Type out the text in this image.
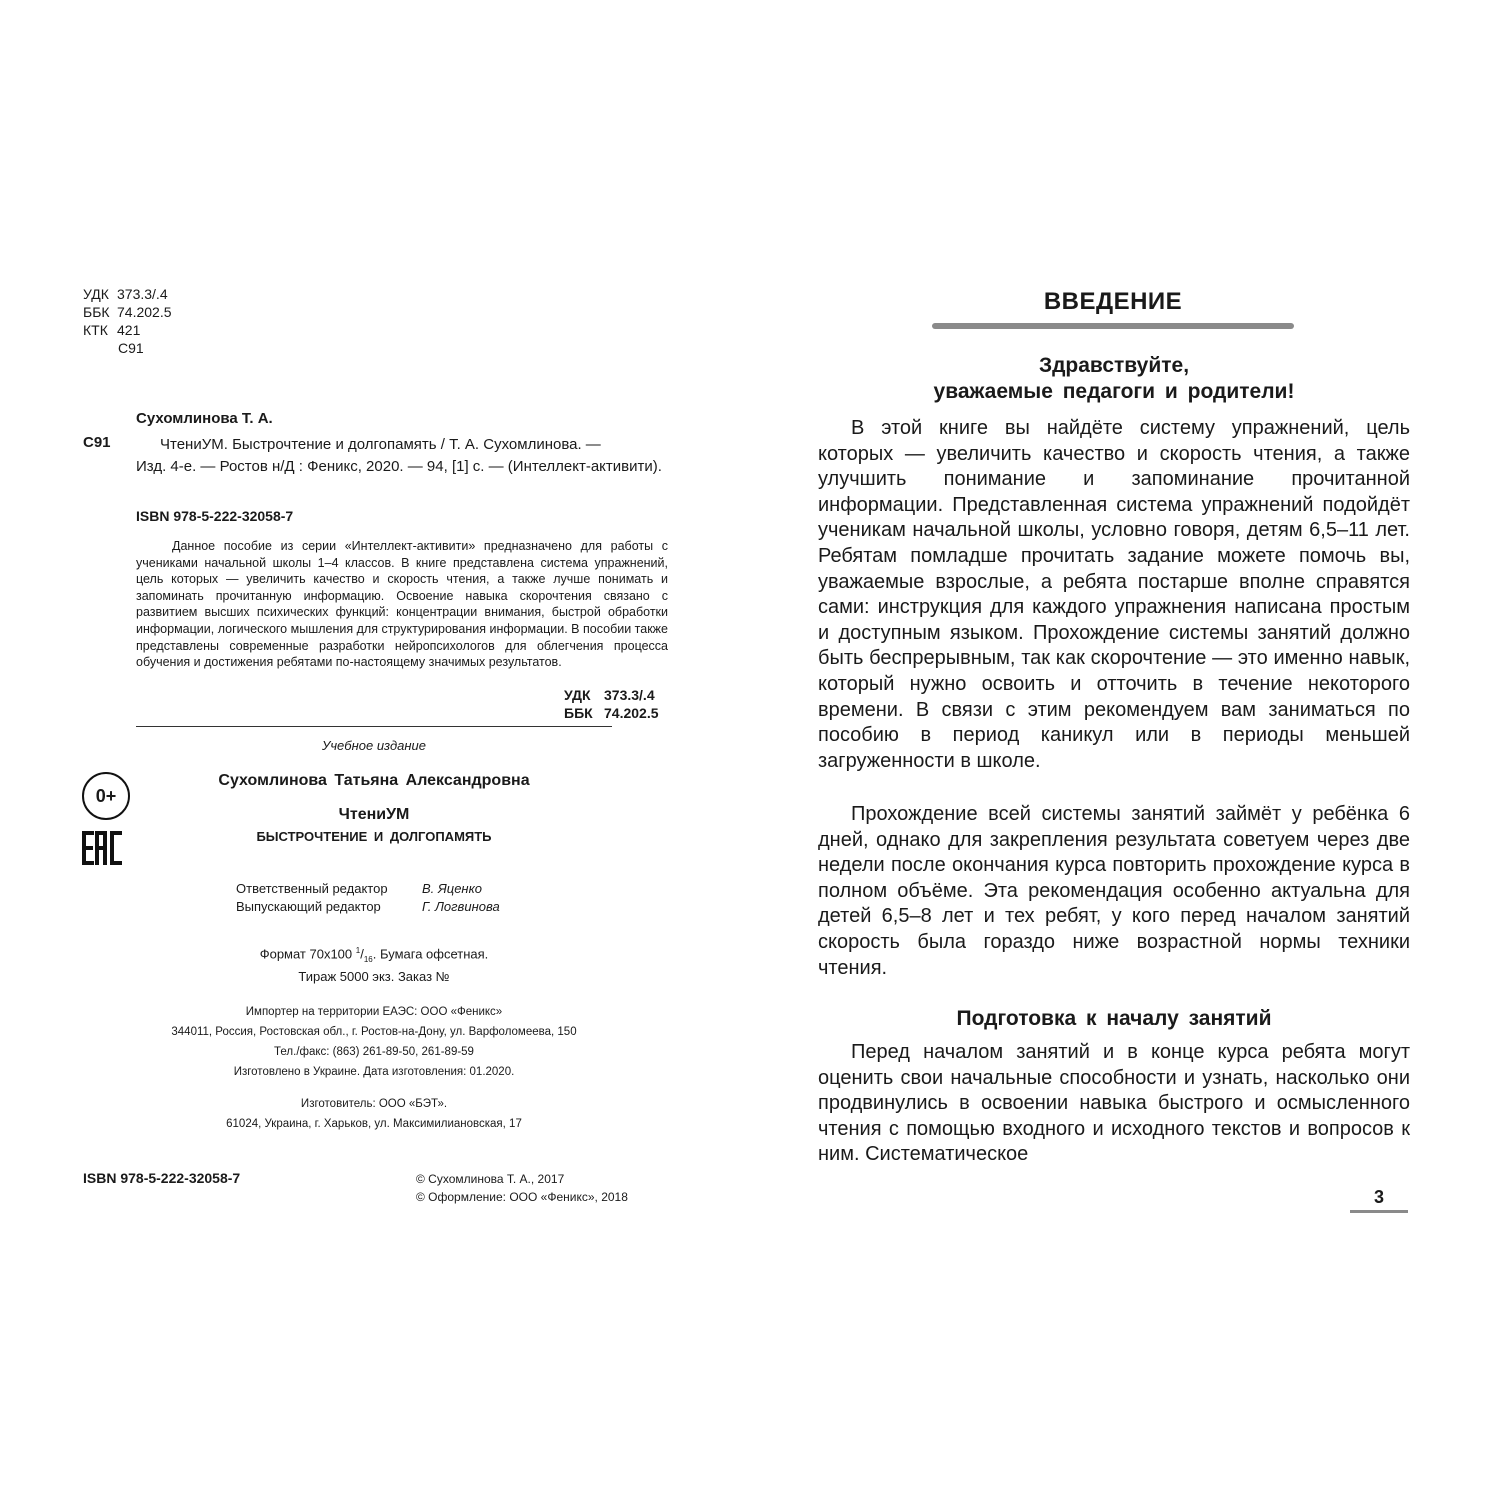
УДК 373.3/.4
ББК 74.202.5
КТК 421
С91
Сухомлинова Т. А.
С91	ЧтениУМ. Быстрочтение и долгопамять / Т. А. Сухомлинова. —
Изд. 4-е. — Ростов н/Д : Феникс, 2020. — 94, [1] с. — (Интеллект-активити).
ISBN 978-5-222-32058-7
Данное пособие из серии «Интеллект-активити» предназначено для работы с учениками начальной школы 1–4 классов. В книге представлена система упражнений, цель которых — увеличить качество и скорость чтения, а также лучше понимать и запоминать прочитанную информацию. Освоение навыка скорочтения связано с развитием высших психических функций: концентрации внимания, быстрой обработки информации, логического мышления для структурирования информации. В пособии также представлены современные разработки нейропсихологов для облегчения процесса обучения и достижения ребятами по-настоящему значимых результатов.
УДК 373.3/.4
ББК 74.202.5
Учебное издание
0+
Сухомлинова Татьяна Александровна
ЧтениУМ
БЫСТРОЧТЕНИЕ И ДОЛГОПАМЯТЬ
Ответственный редактор	В. Яценко
Выпускающий редактор	Г. Логвинова
Формат 70х100 $^1/_{16}$. Бумага офсетная.
Тираж 5000 экз. Заказ №
Импортер на территории ЕАЭС: ООО «Феникс»
344011, Россия, Ростовская обл., г. Ростов-на-Дону, ул. Варфоломеева, 150
Тел./факс: (863) 261-89-50, 261-89-59
Изготовлено в Украине. Дата изготовления: 01.2020.
Изготовитель: ООО «БЭТ».
61024, Украина, г. Харьков, ул. Максимилиановская, 17
ISBN 978-5-222-32058-7	© Сухомлинова Т. А., 2017
© Оформление: ООО «Феникс», 2018
ВВЕДЕНИЕ
Здравствуйте,
уважаемые педагоги и родители!
В этой книге вы найдёте систему упражнений, цель которых — увеличить качество и скорость чтения, а также улучшить понимание и запоминание прочитанной информации. Представленная система упражнений подойдёт ученикам начальной школы, условно говоря, детям 6,5–11 лет. Ребятам помладше прочитать задание можете помочь вы, уважаемые взрослые, а ребята постарше вполне справятся сами: инструкция для каждого упражнения написана простым и доступным языком. Прохождение системы занятий должно быть беспрерывным, так как скорочтение — это именно навык, который нужно освоить и отточить в течение некоторого времени. В связи с этим рекомендуем вам заниматься по пособию в период каникул или в периоды меньшей загруженности в школе.
Прохождение всей системы занятий займёт у ребёнка 6 дней, однако для закрепления результата советуем через две недели после окончания курса повторить прохождение курса в полном объёме. Эта рекомендация особенно актуальна для детей 6,5–8 лет и тех ребят, у кого перед началом занятий скорость была гораздо ниже возрастной нормы техники чтения.
Подготовка к началу занятий
Перед началом занятий и в конце курса ребята могут оценить свои начальные способности и узнать, насколько они продвинулись в освоении навыка быстрого и осмысленного чтения с помощью входного и исходного текстов и вопросов к ним. Систематическое
3
